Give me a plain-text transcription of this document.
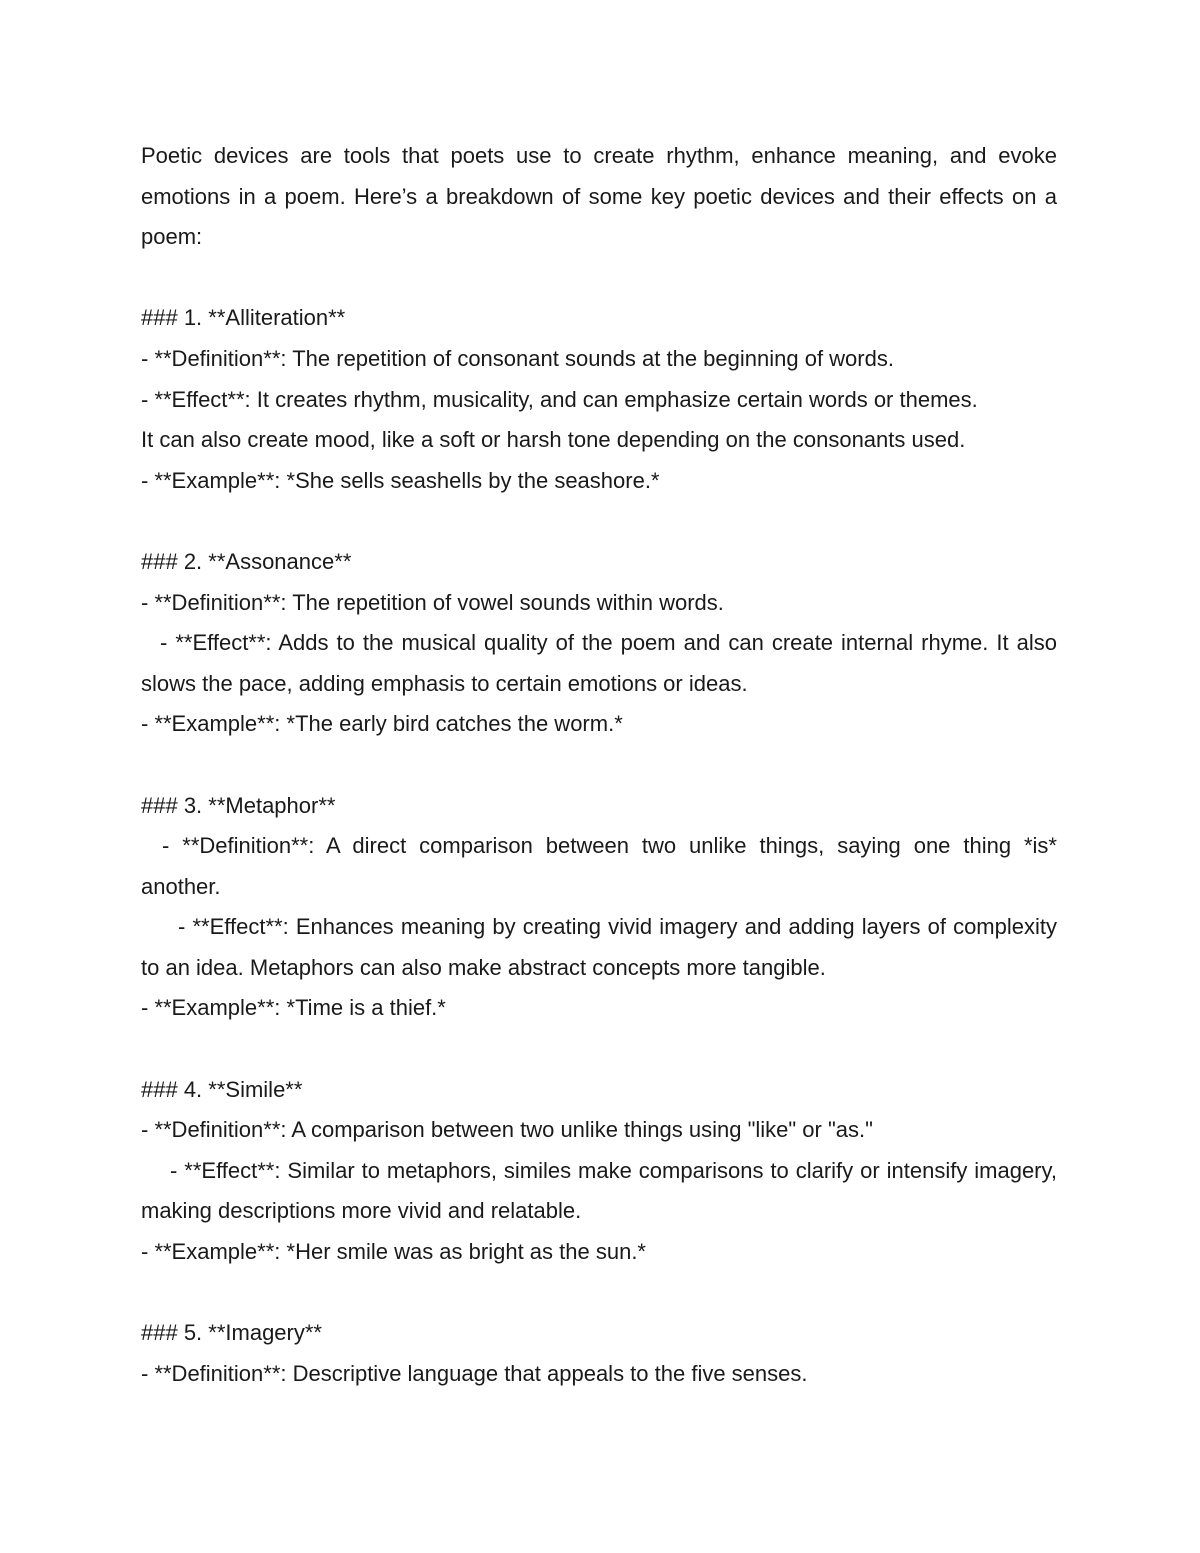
Poetic devices are tools that poets use to create rhythm, enhance meaning, and evoke emotions in a poem. Here’s a breakdown of some key poetic devices and their effects on a poem:

### 1. **Alliteration**

- **Definition**: The repetition of consonant sounds at the beginning of words.

- **Effect**: It creates rhythm, musicality, and can emphasize certain words or themes.

It can also create mood, like a soft or harsh tone depending on the consonants used.

- **Example**: *She sells seashells by the seashore.*

### 2. **Assonance**

- **Definition**: The repetition of vowel sounds within words.

- **Effect**: Adds to the musical quality of the poem and can create internal rhyme. It also slows the pace, adding emphasis to certain emotions or ideas.

- **Example**: *The early bird catches the worm.*

### 3. **Metaphor**

- **Definition**: A direct comparison between two unlike things, saying one thing *is* another.

- **Effect**: Enhances meaning by creating vivid imagery and adding layers of complexity to an idea. Metaphors can also make abstract concepts more tangible.

- **Example**: *Time is a thief.*

### 4. **Simile**

- **Definition**: A comparison between two unlike things using "like" or "as."

- **Effect**: Similar to metaphors, similes make comparisons to clarify or intensify imagery, making descriptions more vivid and relatable.

- **Example**: *Her smile was as bright as the sun.*

### 5. **Imagery**

- **Definition**: Descriptive language that appeals to the five senses.
